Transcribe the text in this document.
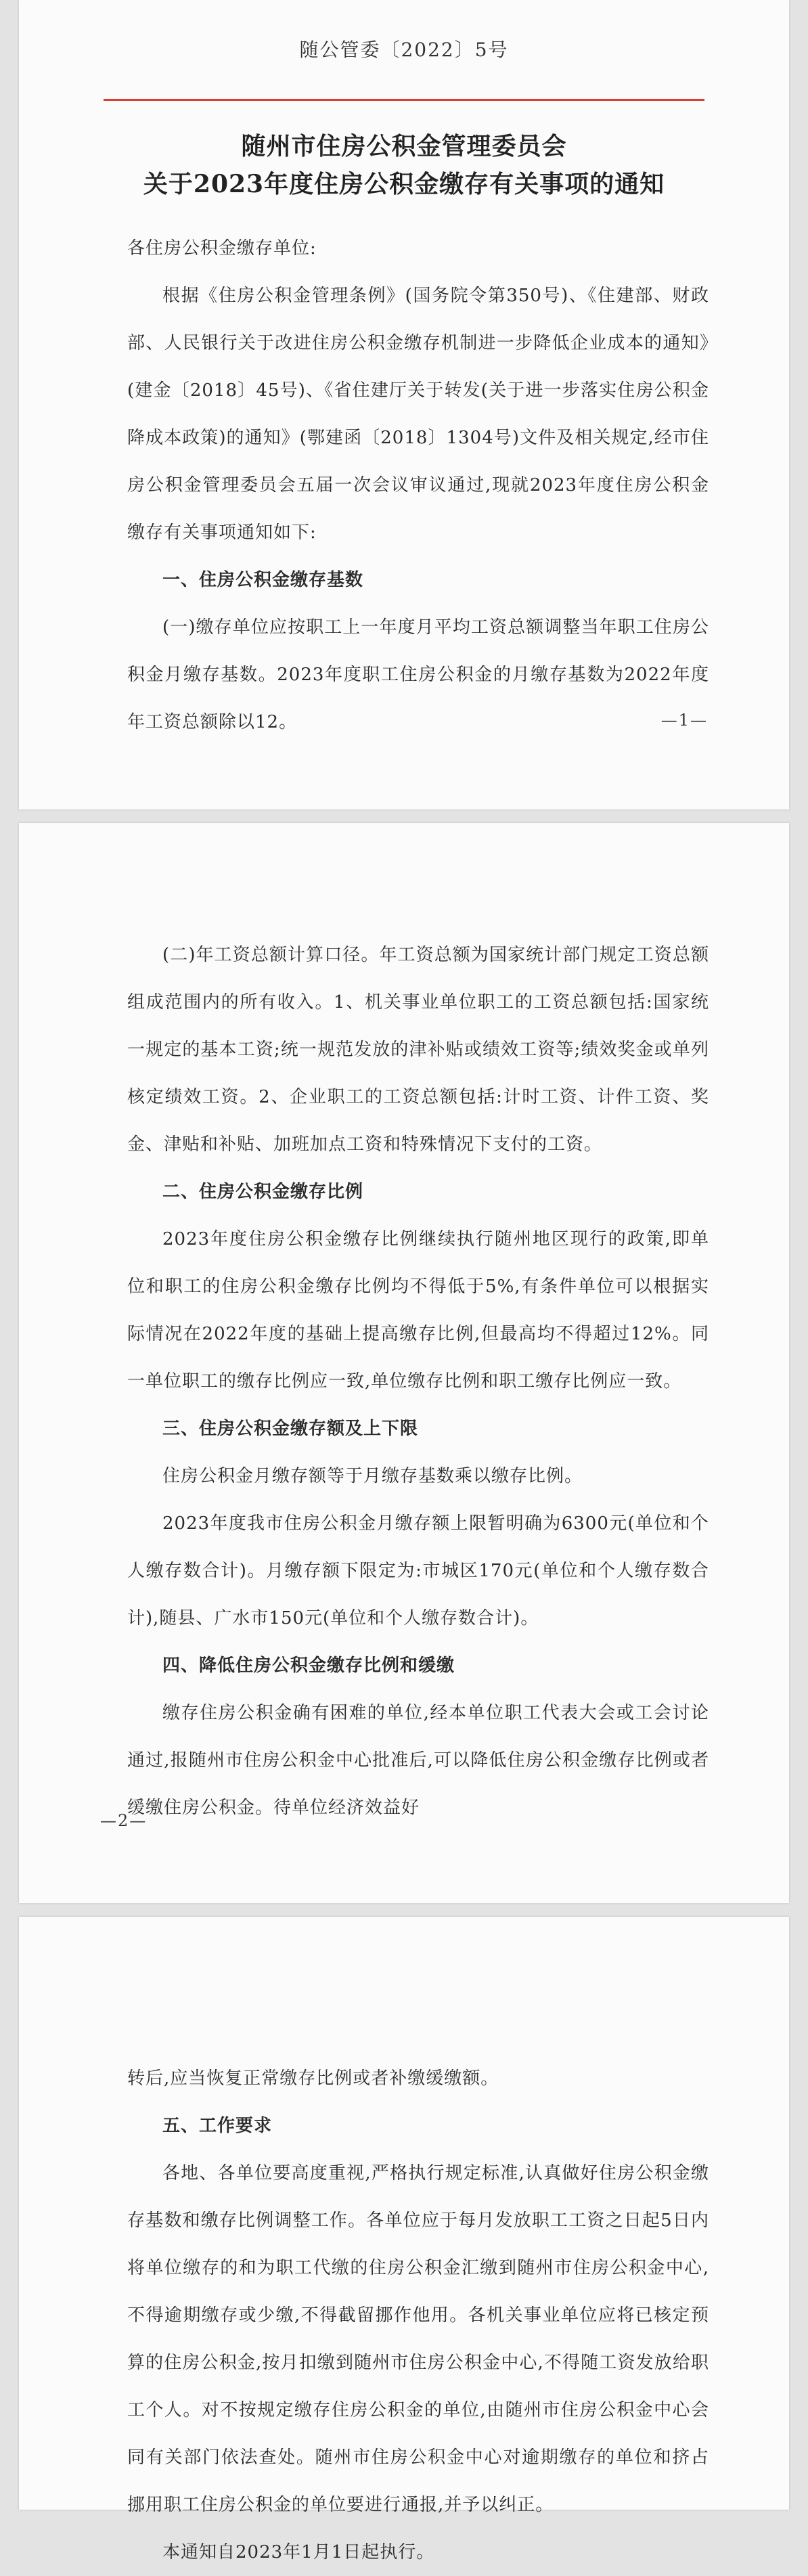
随公管委〔2022〕5号
随州市住房公积金管理委员会
关于2023年度住房公积金缴存有关事项的通知

各住房公积金缴存单位:

根据《住房公积金管理条例》(国务院令第350号)、《住建部、财政部、人民银行关于改进住房公积金缴存机制进一步降低企业成本的通知》(建金〔2018〕45号)、《省住建厅关于转发(关于进一步落实住房公积金降成本政策)的通知》(鄂建函〔2018〕1304号)文件及相关规定,经市住房公积金管理委员会五届一次会议审议通过,现就2023年度住房公积金缴存有关事项通知如下:

一、住房公积金缴存基数

(一)缴存单位应按职工上一年度月平均工资总额调整当年职工住房公积金月缴存基数。2023年度职工住房公积金的月缴存基数为2022年度年工资总额除以12。	—1—

(二)年工资总额计算口径。年工资总额为国家统计部门规定工资总额组成范围内的所有收入。1、机关事业单位职工的工资总额包括:国家统一规定的基本工资;统一规范发放的津补贴或绩效工资等;绩效奖金或单列核定绩效工资。2、企业职工的工资总额包括:计时工资、计件工资、奖金、津贴和补贴、加班加点工资和特殊情况下支付的工资。

二、住房公积金缴存比例

2023年度住房公积金缴存比例继续执行随州地区现行的政策,即单位和职工的住房公积金缴存比例均不得低于5%,有条件单位可以根据实际情况在2022年度的基础上提高缴存比例,但最高均不得超过12%。同一单位职工的缴存比例应一致,单位缴存比例和职工缴存比例应一致。

三、住房公积金缴存额及上下限

住房公积金月缴存额等于月缴存基数乘以缴存比例。

2023年度我市住房公积金月缴存额上限暂明确为6300元(单位和个人缴存数合计)。月缴存额下限定为:市城区170元(单位和个人缴存数合计),随县、广水市150元(单位和个人缴存数合计)。

四、降低住房公积金缴存比例和缓缴

缴存住房公积金确有困难的单位,经本单位职工代表大会或工会讨论通过,报随州市住房公积金中心批准后,可以降低住房公积金缴存比例或者缓缴住房公积金。待单位经济效益好

—2—

转后,应当恢复正常缴存比例或者补缴缓缴额。

五、工作要求

各地、各单位要高度重视,严格执行规定标准,认真做好住房公积金缴存基数和缴存比例调整工作。各单位应于每月发放职工工资之日起5日内将单位缴存的和为职工代缴的住房公积金汇缴到随州市住房公积金中心,不得逾期缴存或少缴,不得截留挪作他用。各机关事业单位应将已核定预算的住房公积金,按月扣缴到随州市住房公积金中心,不得随工资发放给职工个人。对不按规定缴存住房公积金的单位,由随州市住房公积金中心会同有关部门依法查处。随州市住房公积金中心对逾期缴存的单位和挤占挪用职工住房公积金的单位要进行通报,并予以纠正。

本通知自2023年1月1日起执行。
